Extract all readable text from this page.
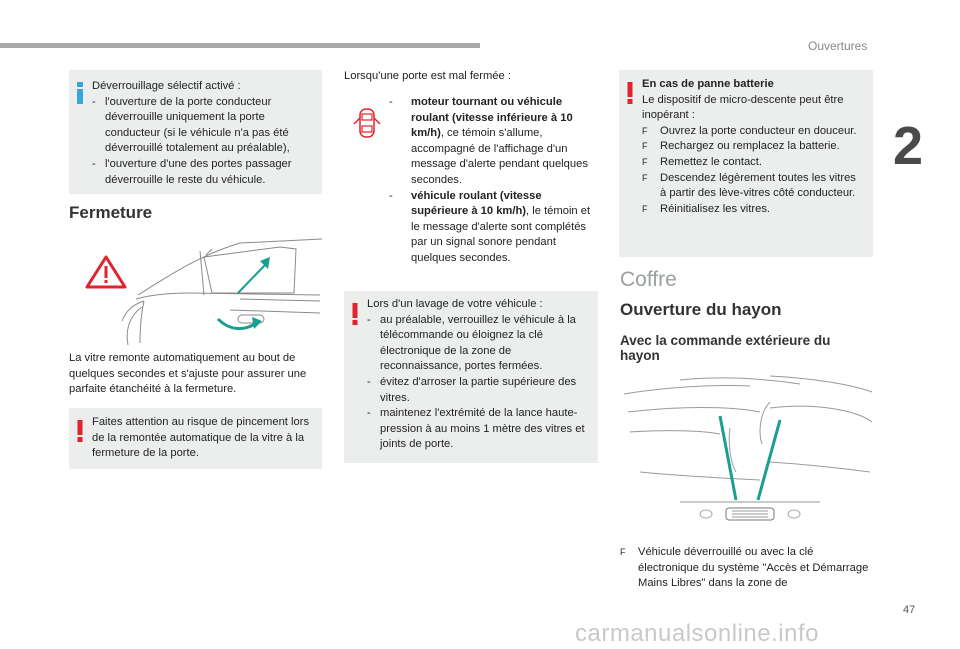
Ouvertures
2
Déverrouillage sélectif activé :
- l'ouverture de la porte conducteur déverrouille uniquement la porte conducteur (si le véhicule n'a pas été déverrouillé totalement au préalable),
- l'ouverture d'une des portes passager déverrouille le reste du véhicule.
Fermeture
La vitre remonte automatiquement au bout de quelques secondes et s'ajuste pour assurer une parfaite étanchéité à la fermeture.
Faites attention au risque de pincement lors de la remontée automatique de la vitre à la fermeture de la porte.
Lorsqu'une porte est mal fermée :
-	moteur tournant ou véhicule roulant (vitesse inférieure à 10 km/h), ce témoin s'allume, accompagné de l'affichage d'un message d'alerte pendant quelques secondes.
-	véhicule roulant (vitesse supérieure à 10 km/h), le témoin et le message d'alerte sont complétés par un signal sonore pendant quelques secondes.
Lors d'un lavage de votre véhicule :
- au préalable, verrouillez le véhicule à la télécommande ou éloignez la clé électronique de la zone de reconnaissance, portes fermées.
- évitez d'arroser la partie supérieure des vitres.
- maintenez l'extrémité de la lance haute-pression à au moins 1 mètre des vitres et joints de porte.
En cas de panne batterie
Le dispositif de micro-descente peut être inopérant :
F	Ouvrez la porte conducteur en douceur.
F	Rechargez ou remplacez la batterie.
F	Remettez le contact.
F	Descendez légèrement toutes les vitres à partir des lève-vitres côté conducteur.
F	Réinitialisez les vitres.
Coffre
Ouverture du hayon
Avec la commande extérieure du hayon
F	Véhicule déverrouillé ou avec la clé électronique du système "Accès et Démarrage Mains Libres" dans la zone de
47
carmanualsonline.info
